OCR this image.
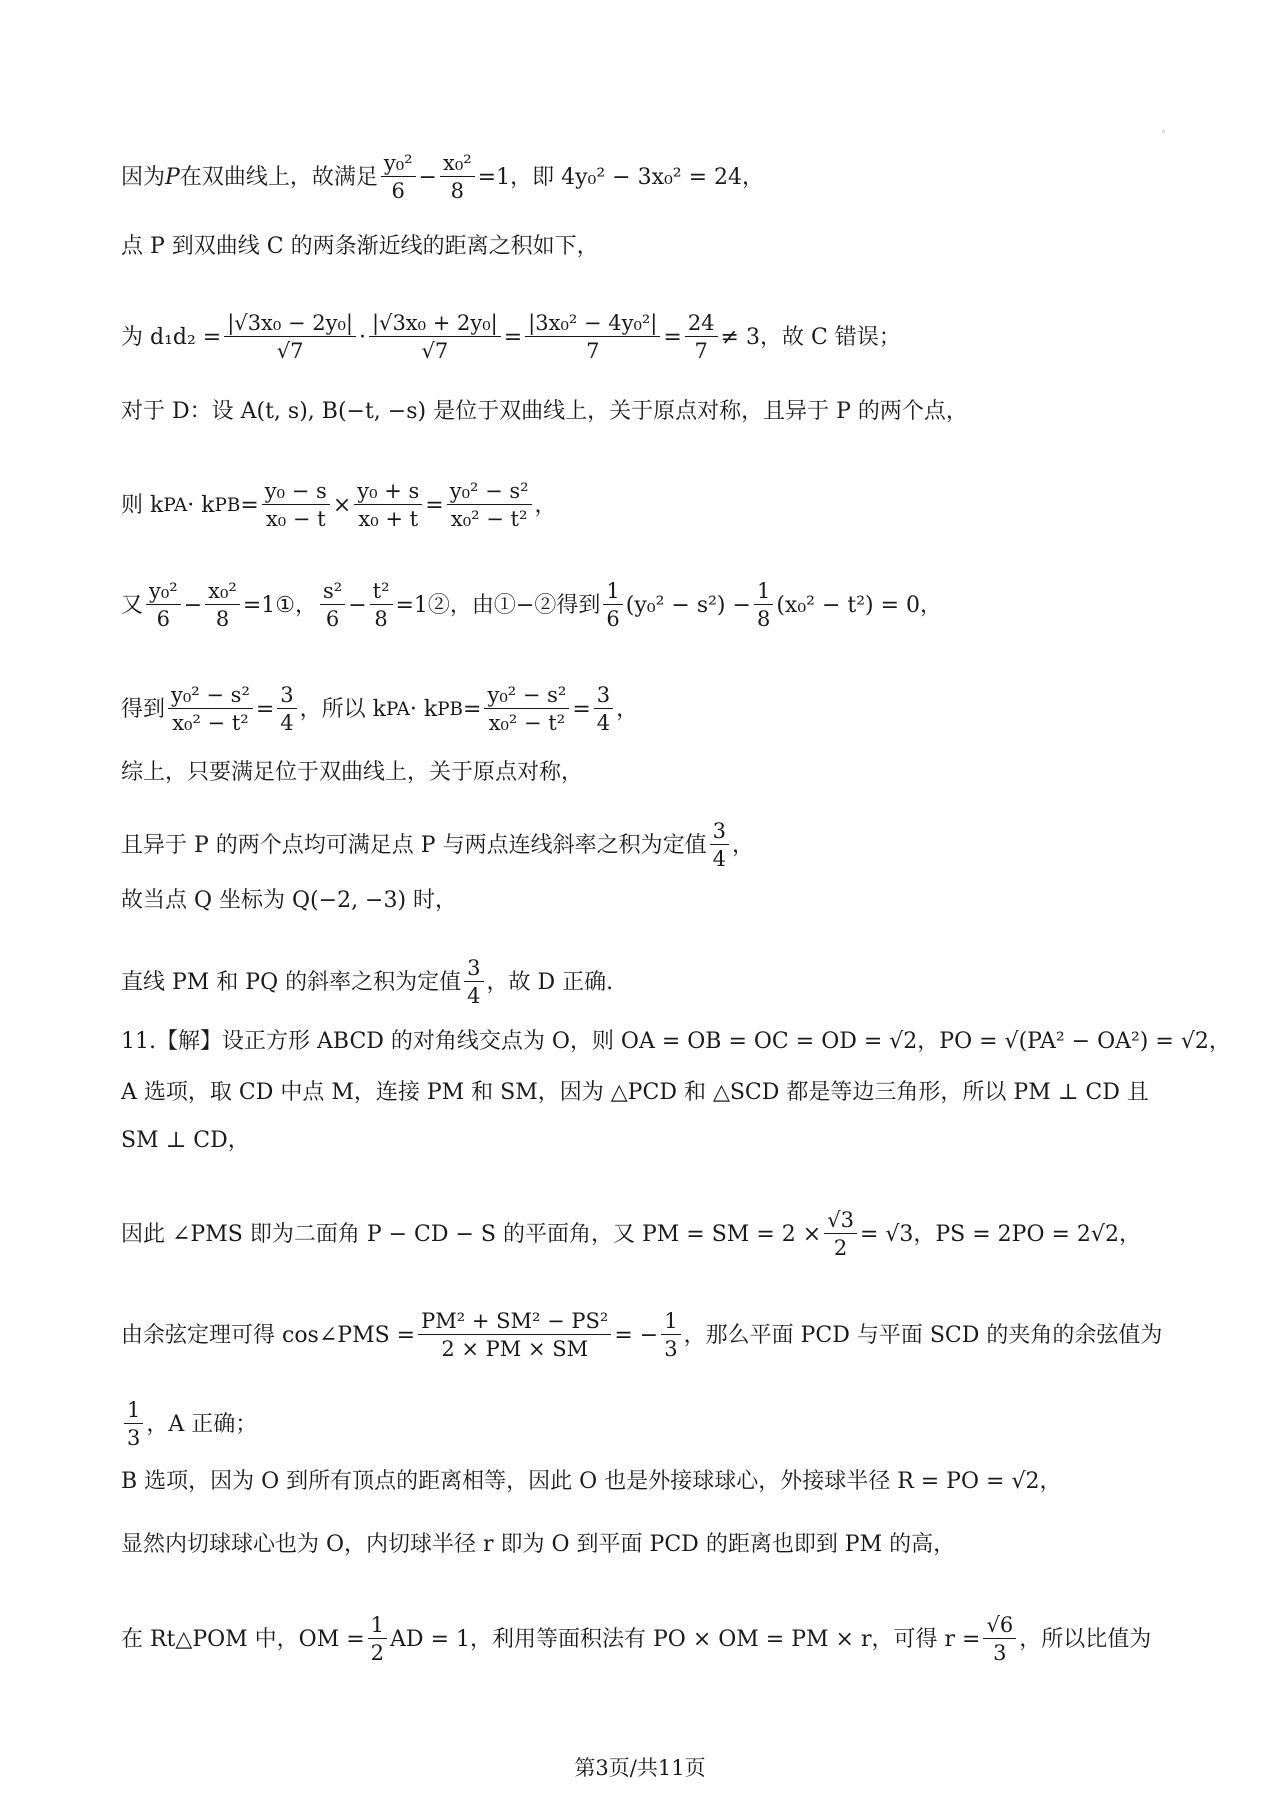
因为 P 在双曲线上，故满足 $\frac{\text{y₀²}}{6} - \frac{\text{x₀²}}{8} =1$，即 4y₀² − 3x₀² = 24，
点 P 到双曲线 C 的两条渐近线的距离之积如下，
为 $d_1d_2 = \frac{\text{|√3x₀ − 2y₀|}}{√7} \cdot \frac{\text{|√3x₀ + 2y₀|}}{√7} = \frac{\text{|3x₀² − 4y₀²|}}{7} = \frac{24}{7} \ne 3$，故 C 错误；
对于 D：设 A(t, s), B(−t, −s) 是位于双曲线上，关于原点对称，且异于 P 的两个点，
则 k PA · k PB = $\frac{\text{y₀ − s}}{\text{x₀ − t}} \times \frac{\text{y₀ + s}}{\text{x₀ + t}} = \frac{\text{y₀² − s²}}{\text{x₀² − t²}}$ ，
又 $\frac{\text{y₀²}}{6} - \frac{\text{x₀²}}{8}$ =1①， $\frac{\text{s²}}{6} - \frac{\text{t²}}{8}$ =1②，由①−②得到 $\frac{1}{6} (y_0^2 - s^2) - \frac{1}{8} (x_0^2 - t^2) = 0$，
得到 $\frac{\text{y₀² − s²}}{\text{x₀² − t²}} = \frac{3}{4}$ ，所以 k PA · k PB = $\frac{\text{y₀² − s²}}{\text{x₀² − t²}} = \frac{3}{4}$ ，
综上，只要满足位于双曲线上，关于原点对称，
且异于 P 的两个点均可满足点 P 与两点连线斜率之积为定值 $\frac{3}{4}$ ，
故当点 Q 坐标为 Q(−2, −3) 时，
直线 PM 和 PQ 的斜率之积为定值 $\frac{3}{4}$ ，故 D 正确.
11.【解】设正方形 ABCD 的对角线交点为 O，则 OA = OB = OC = OD = √2，PO = √(PA² − OA²) = √2，
A 选项，取 CD 中点 M，连接 PM 和 SM，因为 △PCD 和 △SCD 都是等边三角形，所以 PM ⊥ CD 且
SM ⊥ CD，
因此 ∠PMS 即为二面角 P − CD − S 的平面角，又 PM = SM = $2 \times \frac{√3}{2} = √3$，PS = 2PO = 2√2，
由余弦定理可得 cos∠PMS = $\frac{\text{PM² + SM² − PS²}}{2 \times PM \times SM}$ = − $\frac{1}{3}$ ，那么平面 PCD 与平面 SCD 的夹角的余弦值为
$\frac{1}{3}$ ，A 正确；
B 选项，因为 O 到所有顶点的距离相等，因此 O 也是外接球球心，外接球半径 R = PO = √2，
显然内切球球心也为 O，内切球半径 r 即为 O 到平面 PCD 的距离也即到 PM 的高，
在 Rt△POM 中，OM = $\frac{1}{2}$ AD = 1，利用等面积法有 PO × OM = PM × r，可得 $r = \frac{√6}{3}$ ，所以比值为
第3页/共11页
